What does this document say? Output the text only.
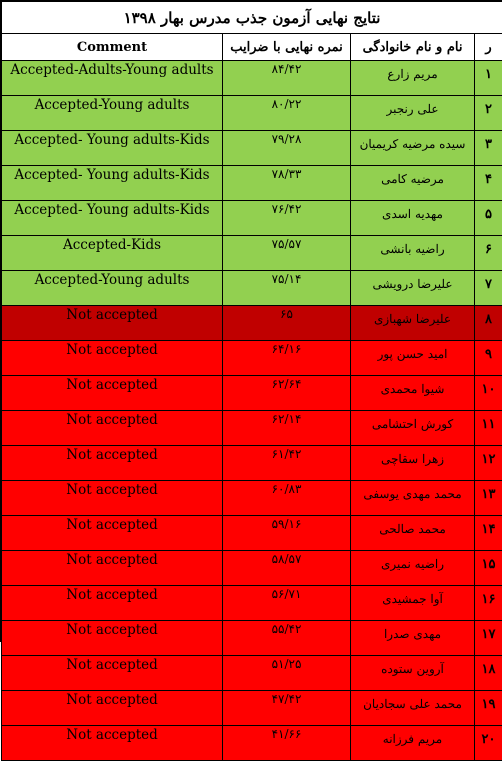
نتایج نهایی آزمون جذب مدرس بهار ۱۳۹۸			
ر	نام و نام خانوادگی	نمره نهایی با ضرایب	Comment
۱	مریم زارع	۸۴/۴۲	Accepted-Adults-Young adults
۲	علی رنجبر	۸۰/۲۲	Accepted-Young adults
۳	سیده مرضیه کریمیان	۷۹/۲۸	Accepted- Young adults-Kids
۴	مرضیه کامی	۷۸/۳۳	Accepted- Young adults-Kids
۵	مهدیه اسدی	۷۶/۴۲	Accepted- Young adults-Kids
۶	راضیه بانشی	۷۵/۵۷	Accepted-Kids
۷	علیرضا درویشی	۷۵/۱۴	Accepted-Young adults
۸	علیرضا شهبازی	۶۵	Not accepted
۹	امید حسن پور	۶۴/۱۶	Not accepted
۱۰	شیوا محمدی	۶۲/۶۴	Not accepted
۱۱	کورش احتشامی	۶۲/۱۴	Not accepted
۱۲	زهرا سقاچی	۶۱/۴۲	Not accepted
۱۳	محمد مهدی یوسفی	۶۰/۸۳	Not accepted
۱۴	محمد صالحی	۵۹/۱۶	Not accepted
۱۵	راضیه نمیری	۵۸/۵۷	Not accepted
۱۶	آوا جمشیدی	۵۶/۷۱	Not accepted
۱۷	مهدی صدرا	۵۵/۴۲	Not accepted
۱۸	آروین ستوده	۵۱/۲۵	Not accepted
۱۹	محمد علی سجادیان	۴۷/۴۲	Not accepted
۲۰	مریم فرزانه	۴۱/۶۶	Not accepted
